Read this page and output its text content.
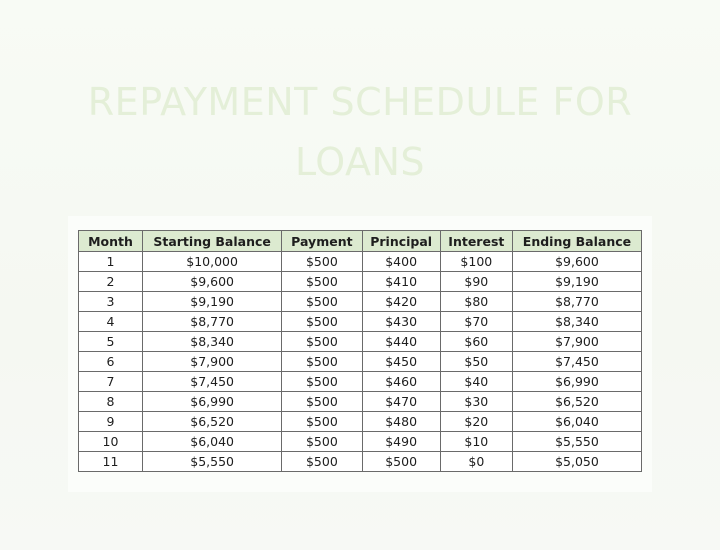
REPAYMENT SCHEDULE FOR
LOANS
Month	Starting Balance	Payment	Principal	Interest	Ending Balance
1	$10,000	$500	$400	$100	$9,600
2	$9,600	$500	$410	$90	$9,190
3	$9,190	$500	$420	$80	$8,770
4	$8,770	$500	$430	$70	$8,340
5	$8,340	$500	$440	$60	$7,900
6	$7,900	$500	$450	$50	$7,450
7	$7,450	$500	$460	$40	$6,990
8	$6,990	$500	$470	$30	$6,520
9	$6,520	$500	$480	$20	$6,040
10	$6,040	$500	$490	$10	$5,550
11	$5,550	$500	$500	$0	$5,050
